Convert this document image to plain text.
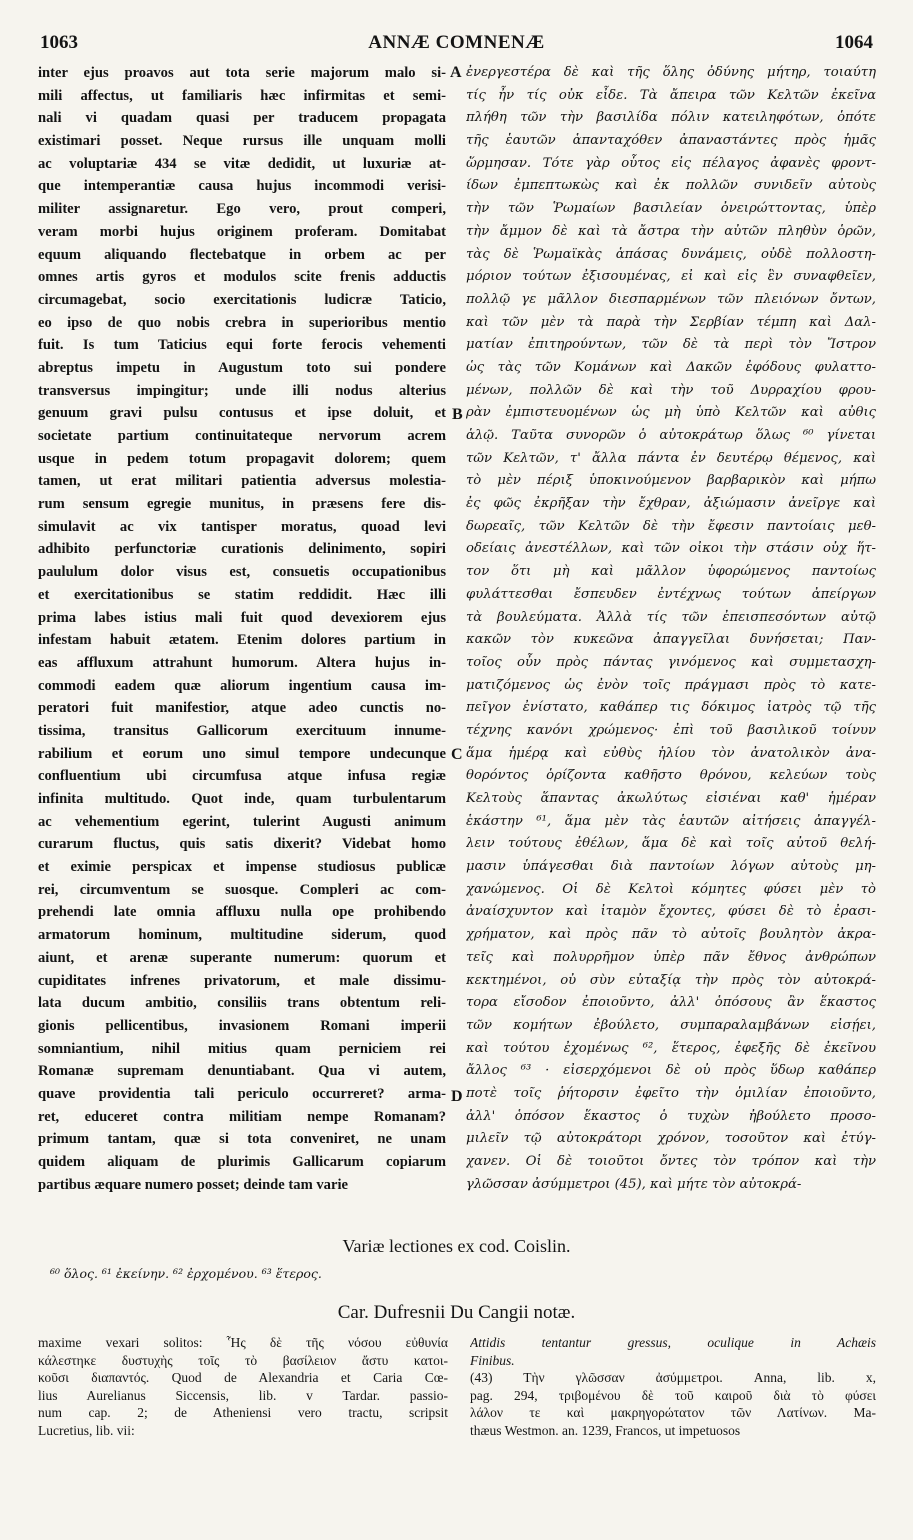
1063	ANNÆ COMNENÆ	1064
inter ejus proavos aut tota serie majorum malo si-
mili affectus, ut familiaris hæc infirmitas et semi-
nali vi quadam quasi per traducem propagata
existimari posset. Neque rursus ille unquam molli
ac voluptariæ 434 se vitæ dedidit, ut luxuriæ at-
que intemperantiæ causa hujus incommodi verisi-
militer assignaretur. Ego vero, prout comperi,
veram morbi hujus originem proferam. Domitabat
equum aliquando flectebatque in orbem ac per
omnes artis gyros et modulos scite frenis adductis
circumagebat, socio exercitationis ludicræ Taticio,
eo ipso de quo nobis crebra in superioribus mentio
fuit. Is tum Taticius equi forte ferocis vehementi
abreptus impetu in Augustum toto sui pondere
transversus impingitur; unde illi nodus alterius
genuum gravi pulsu contusus et ipse doluit, et
societate partium continuitateque nervorum acrem
usque in pedem totum propagavit dolorem; quem
tamen, ut erat militari patientia adversus molestia-
rum sensum egregie munitus, in præsens fere dis-
simulavit ac vix tantisper moratus, quoad levi
adhibito perfunctoriæ curationis delinimento, sopiri
paululum dolor visus est, consuetis occupationibus
et exercitationibus se statim reddidit. Hæc illi
prima labes istius mali fuit quod devexiorem ejus
infestam habuit ætatem. Etenim dolores partium in
eas affluxum attrahunt humorum. Altera hujus in-
commodi eadem quæ aliorum ingentium causa im-
peratori fuit manifestior, atque adeo cunctis no-
tissima, transitus Gallicorum exercituum innume-
rabilium et eorum uno simul tempore undecunque
confluentium ubi circumfusa atque infusa regiæ
infinita multitudo. Quot inde, quam turbulentarum
ac vehementium egerint, tulerint Augusti animum
curarum fluctus, quis satis dixerit? Videbat homo
et eximie perspicax et impense studiosus publicæ
rei, circumventum se suosque. Compleri ac com-
prehendi late omnia affluxu nulla ope prohibendo
armatorum hominum, multitudine siderum, quod
aiunt, et arenæ superante numerum: quorum et
cupiditates infrenes privatorum, et male dissimu-
lata ducum ambitio, consiliis trans obtentum reli-
gionis pellicentibus, invasionem Romani imperii
somniantium, nihil mitius quam perniciem rei
Romanæ supremam denuntiabant. Qua vi autem,
quave providentia tali periculo occurreret? arma-
ret, educeret contra militiam nempe Romanam?
primum tantam, quæ si tota conveniret, ne unam
quidem aliquam de plurimis Gallicarum copiarum
partibus æquare numero posset; deinde tam varie
ἐνεργεστέρα δὲ καὶ τῆς ὅλης ὀδύνης μήτηρ, τοιαύτη
τίς ἦν τίς οὐκ εἶδε. Τὰ ἄπειρα τῶν Κελτῶν ἐκεῖνα
πλήθη τῶν τὴν βασιλίδα πόλιν κατειληφότων, ὁπότε
τῆς ἑαυτῶν ἁπανταχόθεν ἀπαναστάντες πρὸς ἡμᾶς
ὥρμησαν. Τότε γὰρ οὗτος εἰς πέλαγος ἀφανὲς φροντ-
ίδων ἐμπεπτωκὼς καὶ ἐκ πολλῶν συνιδεῖν αὐτοὺς
τὴν τῶν Ῥωμαίων βασιλείαν ὀνειρώττοντας, ὑπὲρ
τὴν ἄμμον δὲ καὶ τὰ ἄστρα τὴν αὐτῶν πληθὺν ὁρῶν,
τὰς δὲ Ῥωμαϊκὰς ἁπάσας δυνάμεις, οὐδὲ πολλοστη-
μόριον τούτων ἐξισουμένας, εἰ καὶ εἰς ἓν συναφθεῖεν,
πολλῷ γε μᾶλλον διεσπαρμένων τῶν πλειόνων ὄντων,
καὶ τῶν μὲν τὰ παρὰ τὴν Σερβίαν τέμπη καὶ Δαλ-
ματίαν ἐπιτηρούντων, τῶν δὲ τὰ περὶ τὸν Ἴστρον
ὡς τὰς τῶν Κομάνων καὶ Δακῶν ἐφόδους φυλαττο-
μένων, πολλῶν δὲ καὶ τὴν τοῦ Δυρραχίου φρου-
ρὰν ἐμπιστευομένων ὡς μὴ ὑπὸ Κελτῶν καὶ αὐθις
ἁλῷ. Ταῦτα συνορῶν ὁ αὐτοκράτωρ ὅλως ⁶⁰ γίνεται
τῶν Κελτῶν, τ' ἄλλα πάντα ἐν δευτέρῳ θέμενος, καὶ
τὸ μὲν πέριξ ὑποκινούμενον βαρβαρικὸν καὶ μήπω
ἐς φῶς ἐκρῆξαν τὴν ἔχθραν, ἀξιώμασιν ἀνεῖργε καὶ
δωρεαῖς, τῶν Κελτῶν δὲ τὴν ἔφεσιν παντοίαις μεθ-
οδείαις ἀνεστέλλων, καὶ τῶν οἰκοι τὴν στάσιν οὐχ ἥτ-
τον ὅτι μὴ καὶ μᾶλλον ὑφορώμενος παντοίως
φυλάττεσθαι ἔσπευδεν ἐντέχνως τούτων ἀπείργων
τὰ βουλεύματα. Ἀλλὰ τίς τῶν ἐπεισπεσόντων αὐτῷ
κακῶν τὸν κυκεῶνα ἀπαγγεῖλαι δυνήσεται; Παν-
τοῖος οὖν πρὸς πάντας γινόμενος καὶ συμμετασχη-
ματιζόμενος ὡς ἐνὸν τοῖς πράγμασι πρὸς τὸ κατε-
πεῖγον ἐνίστατο, καθάπερ τις δόκιμος ἰατρὸς τῷ τῆς
τέχνης κανόνι χρώμενος· ἐπὶ τοῦ βασιλικοῦ τοίνυν
ἅμα ἡμέρᾳ καὶ εὐθὺς ἡλίου τὸν ἀνατολικὸν ἀνα-
θορόντος ὁρίζοντα καθῆστο θρόνου, κελεύων τοὺς
Κελτοὺς ἅπαντας ἀκωλύτως εἰσιέναι καθ' ἡμέραν
ἑκάστην ⁶¹, ἅμα μὲν τὰς ἑαυτῶν αἰτήσεις ἀπαγγέλ-
λειν τούτους ἐθέλων, ἅμα δὲ καὶ τοῖς αὐτοῦ θελή-
μασιν ὑπάγεσθαι διὰ παντοίων λόγων αὐτοὺς μη-
χανώμενος. Οἱ δὲ Κελτοὶ κόμητες φύσει μὲν τὸ
ἀναίσχυντον καὶ ἰταμὸν ἔχοντες, φύσει δὲ τὸ ἐρασι-
χρήματον, καὶ πρὸς πᾶν τὸ αὐτοῖς βουλητὸν ἀκρα-
τεῖς καὶ πολυρρῆμον ὑπὲρ πᾶν ἔθνος ἀνθρώπων
κεκτημένοι, οὐ σὺν εὐταξίᾳ τὴν πρὸς τὸν αὐτοκρά-
τορα εἴσοδον ἐποιοῦντο, ἀλλ' ὁπόσους ἂν ἕκαστος
τῶν κομήτων ἐβούλετο, συμπαραλαμβάνων εἰσῄει,
καὶ τούτου ἐχομένως ⁶², ἕτερος, ἐφεξῆς δὲ ἐκεῖνου
ἄλλος ⁶³ · εἰσερχόμενοι δὲ οὐ πρὸς ὕδωρ καθάπερ
ποτὲ τοῖς ῥήτορσιν ἐφεῖτο τὴν ὁμιλίαν ἐποιοῦντο,
ἀλλ' ὁπόσον ἕκαστος ὁ τυχὼν ἠβούλετο προσο-
μιλεῖν τῷ αὐτοκράτορι χρόνον, τοσοῦτον καὶ ἐτύγ-
χανεν. Οἱ δὲ τοιοῦτοι ὄντες τὸν τρόπον καὶ τὴν
γλῶσσαν ἀσύμμετροι (45), καὶ μήτε τὸν αὐτοκρά-
A
B
C
D
Variæ lectiones ex cod. Coislin.
⁶⁰ ὅλος. ⁶¹ ἐκείνην. ⁶² ἐρχομένου. ⁶³ ἕτερος.
Car. Dufresnii Du Cangii notæ.
maxime vexari solitos: Ἧς δὲ τῆς νόσου εὐθυνία
κάλεστηκε δυστυχὴς τοῖς τὸ βασίλειον ἄστυ κατοι-
κοῦσι διαπαντός. Quod de Alexandria et Caria Cœ-
lius Aurelianus Siccensis, lib. v Tardar. passio-
num cap. 2; de Atheniensi vero tractu, scripsit
Lucretius, lib. vii:
Attidis tentantur gressus, oculique in Achæis
Finibus.
(43) Τὴν γλῶσσαν ἀσύμμετροι. Anna, lib. x,
pag. 294, τριβομένου δὲ τοῦ καιροῦ διὰ τὸ φύσει
λάλον τε καὶ μακρηγορώτατον τῶν Λατίνων. Ma-
thæus Westmon. an. 1239, Francos, ut impetuosos
